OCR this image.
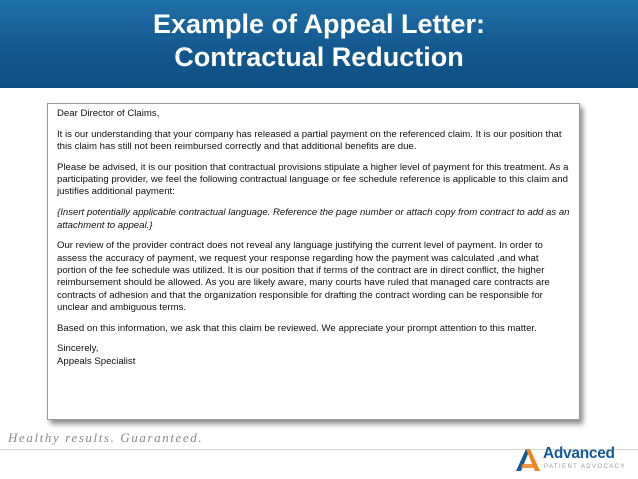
Example of Appeal Letter:
Contractual Reduction

Dear Director of Claims,

It is our understanding that your company has released a partial payment on the referenced claim. It is our position that this claim has still not been reimbursed correctly and that additional benefits are due.

Please be advised, it is our position that contractual provisions stipulate a higher level of payment for this treatment. As a participating provider, we feel the following contractual language or fee schedule reference is applicable to this claim and justifies additional payment:

{Insert potentially applicable contractual language. Reference the page number or attach copy from contract to add as an attachment to appeal.}

Our review of the provider contract does not reveal any language justifying the current level of payment. In order to assess the accuracy of payment, we request your response regarding how the payment was calculated ,and what portion of the fee schedule was utilized. It is our position that if terms of the contract are in direct conflict, the higher reimbursement should be allowed. As you are likely aware, many courts have ruled that managed care contracts are contracts of adhesion and that the organization responsible for drafting the contract wording can be responsible for unclear and ambiguous terms.

Based on this information, we ask that this claim be reviewed. We appreciate your prompt attention to this matter.

Sincerely,
Appeals Specialist
Healthy results. Guaranteed.
Advanced
PATIENT ADVOCACY
